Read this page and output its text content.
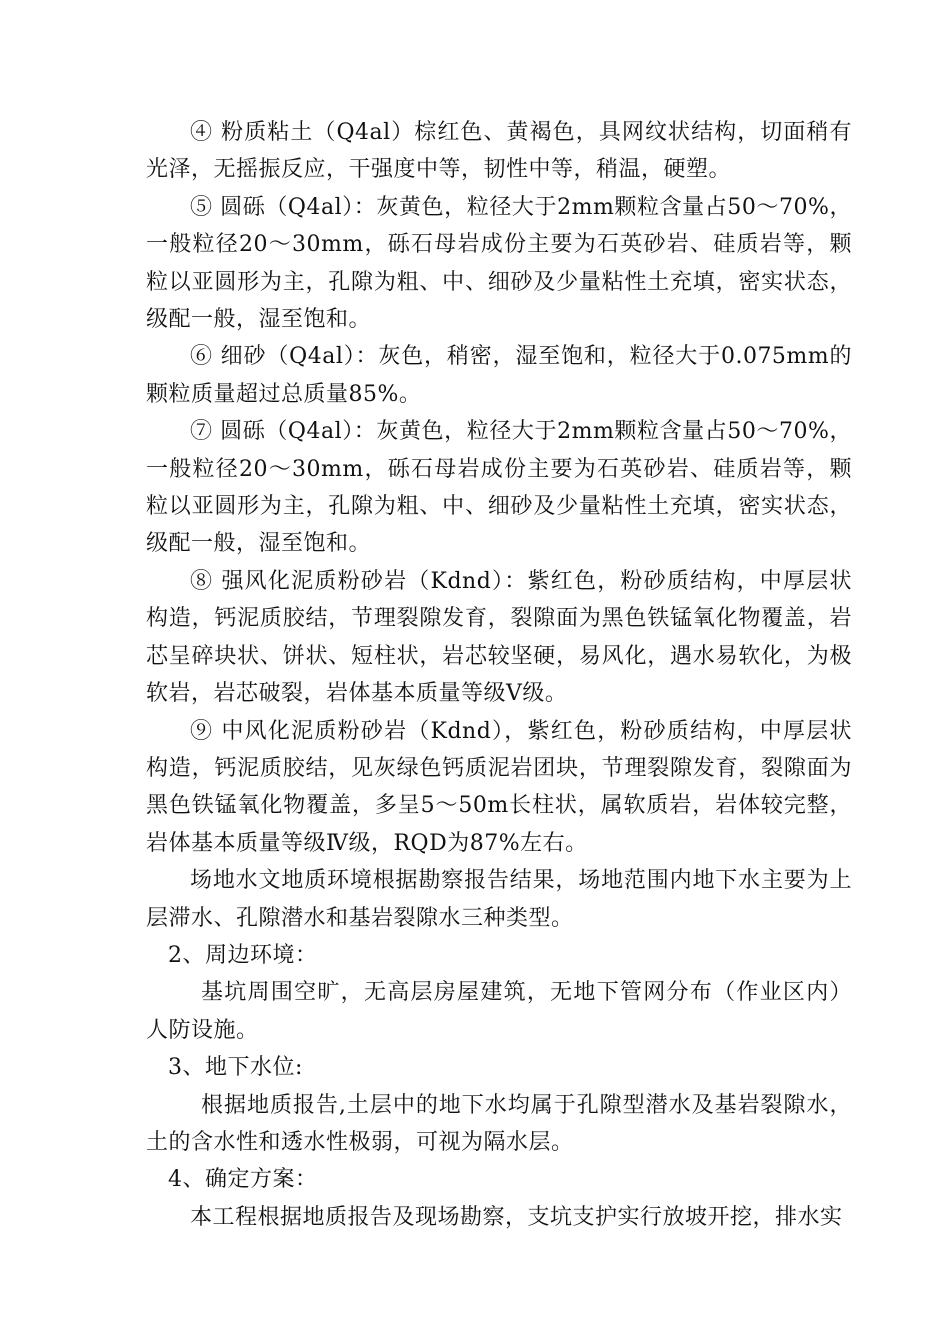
④ 粉质粘土（Q4al）棕红色、黄褐色，具网纹状结构，切面稍有光泽，无摇振反应，干强度中等，韧性中等，稍温，硬塑。

⑤ 圆砾（Q4al）：灰黄色，粒径大于2mm颗粒含量占50～70%，一般粒径20～30mm，砾石母岩成份主要为石英砂岩、硅质岩等，颗粒以亚圆形为主，孔隙为粗、中、细砂及少量粘性土充填，密实状态，级配一般，湿至饱和。

⑥ 细砂（Q4al）：灰色，稍密，湿至饱和，粒径大于0.075mm的颗粒质量超过总质量85%。

⑦ 圆砾（Q4al）：灰黄色，粒径大于2mm颗粒含量占50～70%，一般粒径20～30mm，砾石母岩成份主要为石英砂岩、硅质岩等，颗粒以亚圆形为主，孔隙为粗、中、细砂及少量粘性土充填，密实状态，级配一般，湿至饱和。

⑧ 强风化泥质粉砂岩（Kdnd）：紫红色，粉砂质结构，中厚层状构造，钙泥质胶结，节理裂隙发育，裂隙面为黑色铁锰氧化物覆盖，岩芯呈碎块状、饼状、短柱状，岩芯较坚硬，易风化，遇水易软化，为极软岩，岩芯破裂，岩体基本质量等级V级。

⑨ 中风化泥质粉砂岩（Kdnd），紫红色，粉砂质结构，中厚层状构造，钙泥质胶结，见灰绿色钙质泥岩团块，节理裂隙发育，裂隙面为黑色铁锰氧化物覆盖，多呈5～50m长柱状，属软质岩，岩体较完整，岩体基本质量等级Ⅳ级，RQD为87%左右。

场地水文地质环境根据勘察报告结果，场地范围内地下水主要为上层滞水、孔隙潜水和基岩裂隙水三种类型。

2、周边环境：

基坑周围空旷，无高层房屋建筑，无地下管网分布（作业区内）人防设施。

3、地下水位:

根据地质报告,土层中的地下水均属于孔隙型潜水及基岩裂隙水，土的含水性和透水性极弱，可视为隔水层。

4、确定方案：

本工程根据地质报告及现场勘察，支坑支护实行放坡开挖，排水实
